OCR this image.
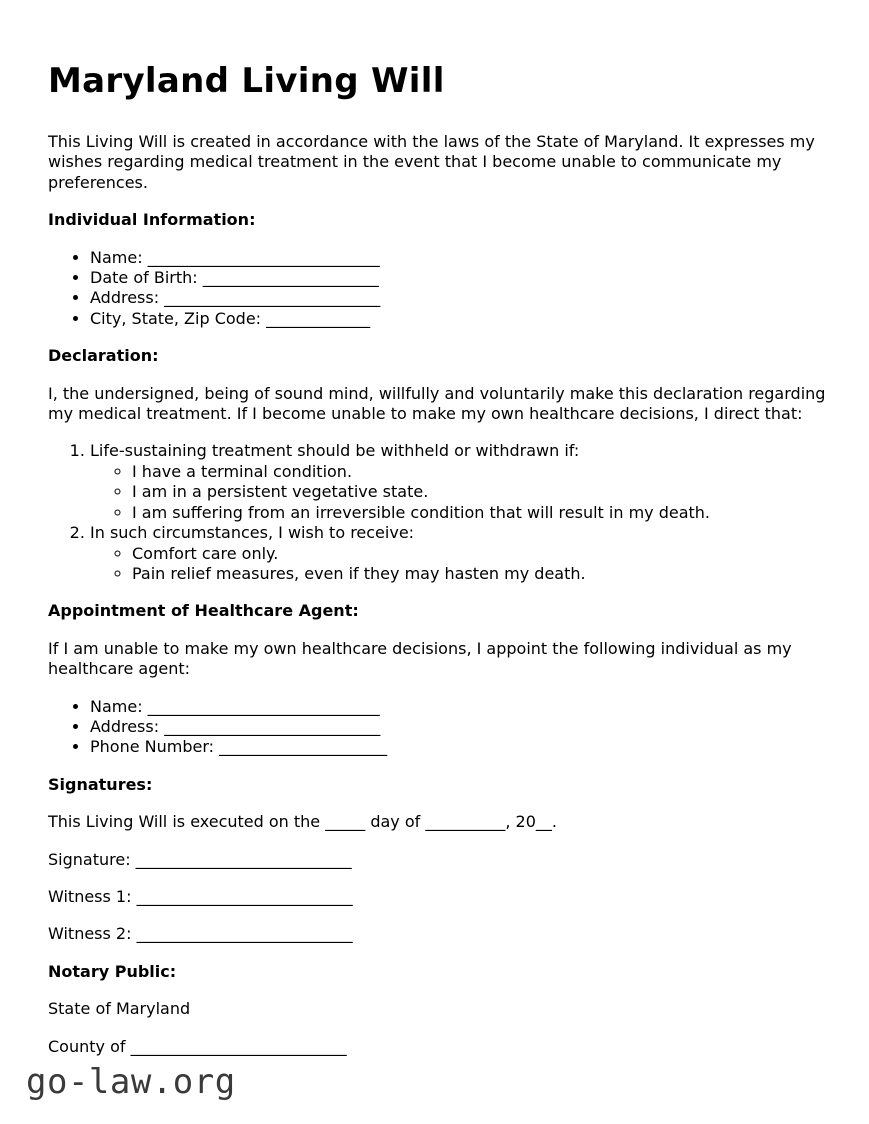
Maryland Living Will

This Living Will is created in accordance with the laws of the State of Maryland. It expresses my wishes regarding medical treatment in the event that I become unable to communicate my preferences.

Individual Information:
• Name: _____________________________
• Date of Birth: ______________________
• Address: ___________________________
• City, State, Zip Code: _____________
Declaration:

I, the undersigned, being of sound mind, willfully and voluntarily make this declaration regarding my medical treatment. If I become unable to make my own healthcare decisions, I direct that:

1. Life-sustaining treatment should be withheld or withdrawn if:
◦ I have a terminal condition.
◦ I am in a persistent vegetative state.
◦ I am suffering from an irreversible condition that will result in my death.
2. In such circumstances, I wish to receive:
◦ Comfort care only.
◦ Pain relief measures, even if they may hasten my death.
Appointment of Healthcare Agent:

If I am unable to make my own healthcare decisions, I appoint the following individual as my healthcare agent:

• Name: _____________________________
• Address: ___________________________
• Phone Number: _____________________
Signatures:

This Living Will is executed on the _____ day of __________, 20__.

Signature: ___________________________

Witness 1: ___________________________

Witness 2: ___________________________

Notary Public:

State of Maryland

County of ___________________________

go-law.org
